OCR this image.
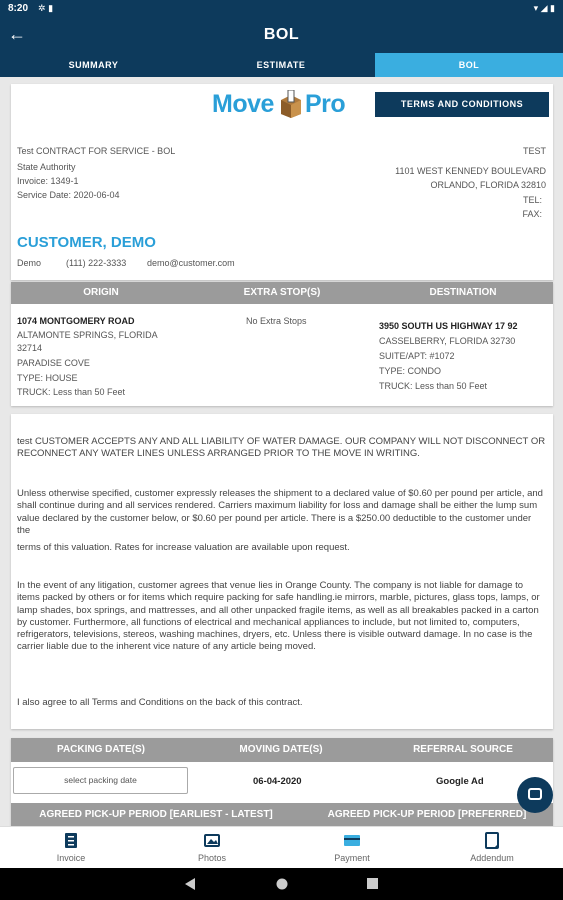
8:20 ✲ ▮	▾ ◢ ▮
←	BOL
SUMMARY	ESTIMATE	BOL
Move Pro	TERMS AND CONDITIONS
Test CONTRACT FOR SERVICE - BOL
State Authority
Invoice: 1349-1
Service Date: 2020-06-04
TEST
1101 WEST KENNEDY BOULEVARD
ORLANDO, FLORIDA 32810
TEL:
FAX:
CUSTOMER, DEMO
Demo	(111) 222-3333 demo@customer.com
ORIGIN	EXTRA STOP(S)	DESTINATION
1074 MONTGOMERY ROAD
ALTAMONTE SPRINGS, FLORIDA
32714
PARADISE COVE
TYPE: HOUSE
TRUCK: Less than 50 Feet
No Extra Stops	3950 SOUTH US HIGHWAY 17 92
CASSELBERRY, FLORIDA 32730
SUITE/APT: #1072
TYPE: CONDO
TRUCK: Less than 50 Feet
test CUSTOMER ACCEPTS ANY AND ALL LIABILITY OF WATER DAMAGE. OUR COMPANY WILL NOT DISCONNECT OR RECONNECT ANY WATER LINES UNLESS ARRANGED PRIOR TO THE MOVE IN WRITING.
Unless otherwise specified, customer expressly releases the shipment to a declared value of $0.60 per pound per article, and shall continue during and all services rendered. Carriers maximum liability for loss and damage shall be either the lump sum value declared by the customer below, or $0.60 per pound per article. There is a $250.00 deductible to the customer under the
terms of this valuation. Rates for increase valuation are available upon request.
In the event of any litigation, customer agrees that venue lies in Orange County. The company is not liable for damage to items packed by others or for items which require packing for safe handling.ie mirrors, marble, pictures, glass tops, lamps, or lamp shades, box springs, and mattresses, and all other unpacked fragile items, as well as all breakables packed in a carton by customer. Furthermore, all functions of electrical and mechanical appliances to include, but not limited to, computers, refrigerators, televisions, stereos, washing machines, dryers, etc. Unless there is visible outward damage. In no case is the carrier liable due to the inherent vice nature of any article being moved.
I also agree to all Terms and Conditions on the back of this contract.
PACKING DATE(S)	MOVING DATE(S)	REFERRAL SOURCE
select packing date	06-04-2020	Google Ad
AGREED PICK-UP PERIOD [EARLIEST - LATEST]	AGREED PICK-UP PERIOD [PREFERRED]
Invoice	Photos	Payment	Addendum
